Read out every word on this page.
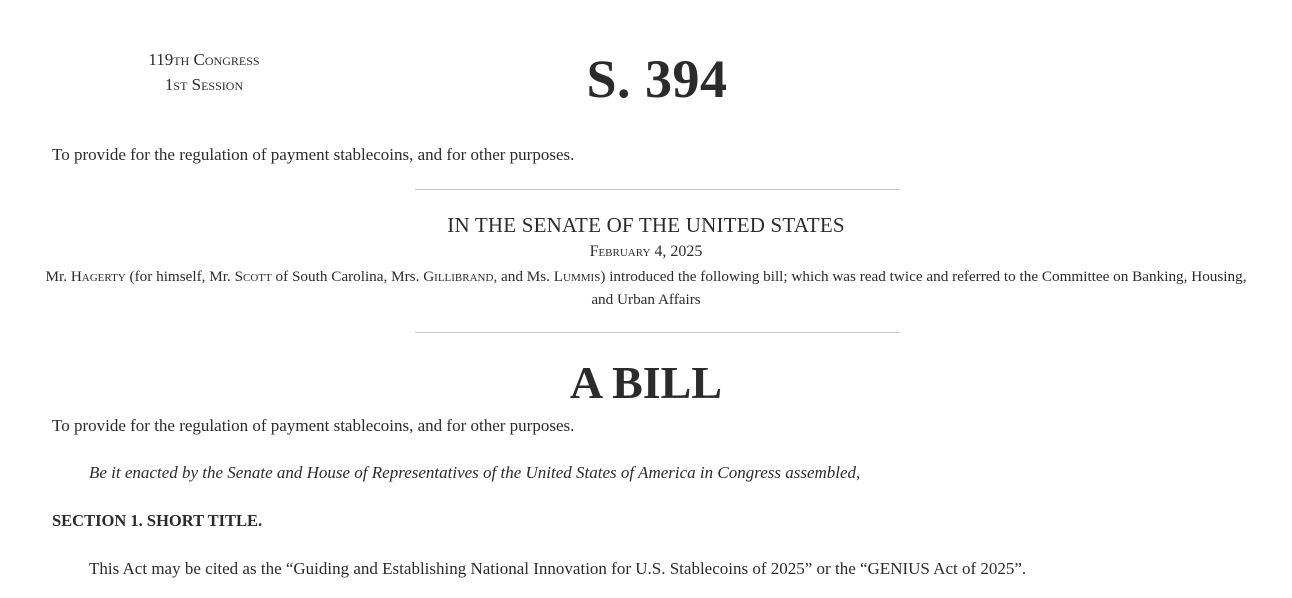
119th Congress
1st Session	S. 394
To provide for the regulation of payment stablecoins, and for other purposes.
IN THE SENATE OF THE UNITED STATES
February 4, 2025
Mr. Hagerty (for himself, Mr. Scott of South Carolina, Mrs. Gillibrand, and Ms. Lummis) introduced the following bill; which was read twice and referred to the Committee on Banking, Housing, and Urban Affairs
A BILL
To provide for the regulation of payment stablecoins, and for other purposes.
Be it enacted by the Senate and House of Representatives of the United States of America in Congress assembled,
SECTION 1. SHORT TITLE.
This Act may be cited as the “Guiding and Establishing National Innovation for U.S. Stablecoins of 2025” or the “GENIUS Act of 2025”.
